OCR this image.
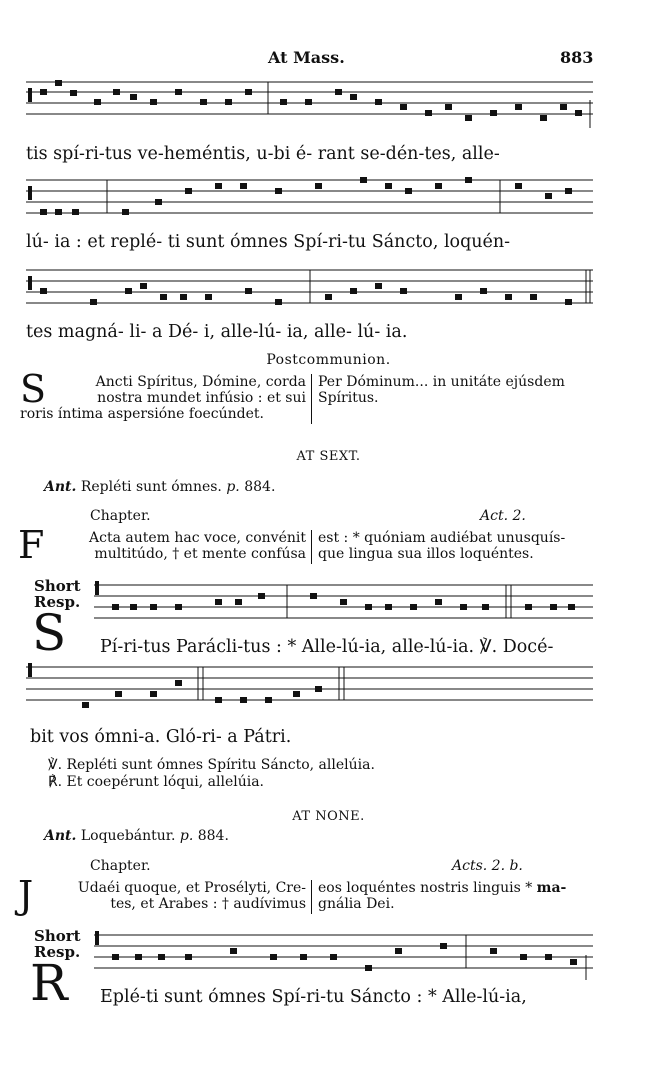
At Mass.	883
tis spí-ri-tus ve-heméntis, u-bi é- rant se-dén-tes, alle-
lú- ia : et replé- ti sunt ómnes Spí-ri-tu Sáncto, loquén-
tes magná- li- a Dé- i, alle-lú- ia, alle- lú- ia.
Postcommunion.
S	Ancti Spíritus, Dómine, corda
nostra mundet infúsio : et sui
roris íntima aspersióne foecúndet.
Per Dóminum... in unitáte ejúsdem
Spíritus.
AT SEXT.
Ant. Repléti sunt ómnes. p. 884.
Chapter.	Act. 2.
F	Acta autem hac voce, convénit
multitúdo, † et mente confúsa
est : * quóniam audiébat unusquís-
que lingua sua illos loquéntes.
Short
Resp.
S Pí-ri-tus Parácli-tus : * Alle-lú-ia, alle-lú-ia. ℣. Docé-
bit vos ómni-a. Gló-ri- a Pátri.
℣. Repléti sunt ómnes Spíritu Sáncto, allelúia.
℟. Et coepérunt lóqui, allelúia.
AT NONE.
Ant. Loquebántur. p. 884.
Chapter.	Acts. 2. b.
J	Udaéi quoque, et Prosélyti, Cre-
tes, et Arabes : † audívimus
eos loquéntes nostris linguis * ma-
gnália Dei.
Short
Resp.
R Eplé-ti sunt ómnes Spí-ri-tu Sáncto : * Alle-lú-ia,
